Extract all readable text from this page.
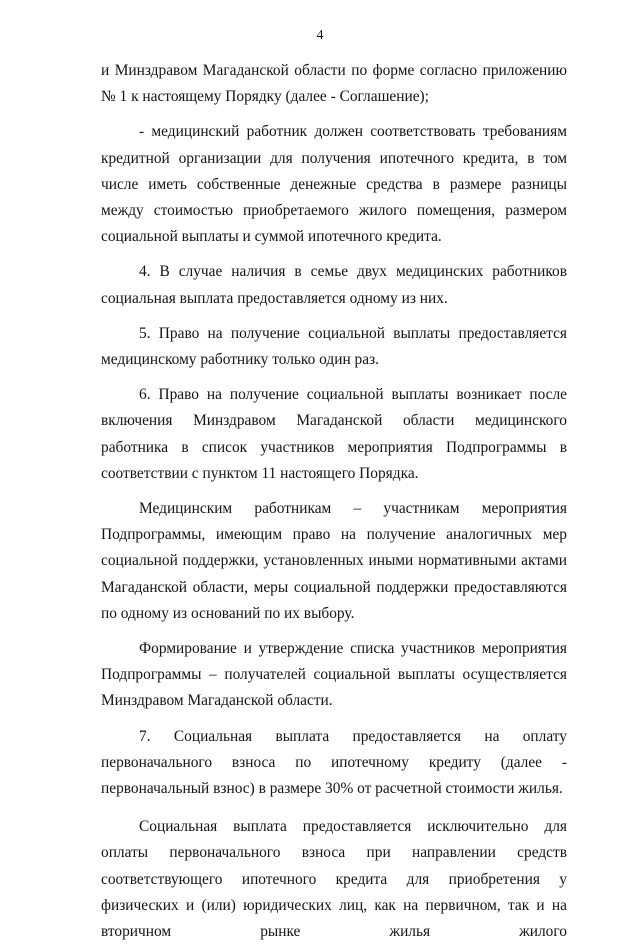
4

и Минздравом Магаданской области по форме согласно приложению № 1 к настоящему Порядку (далее - Соглашение);

- медицинский работник должен соответствовать требованиям кредитной организации для получения ипотечного кредита, в том числе иметь собственные денежные средства в размере разницы между стоимостью приобретаемого жилого помещения, размером социальной выплаты и суммой ипотечного кредита.

4. В случае наличия в семье двух медицинских работников социальная выплата предоставляется одному из них.

5. Право на получение социальной выплаты предоставляется медицинскому работнику только один раз.

6. Право на получение социальной выплаты возникает после включения Минздравом Магаданской области медицинского работника в список участников мероприятия Подпрограммы в соответствии с пунктом 11 настоящего Порядка.

Медицинским работникам – участникам мероприятия Подпрограммы, имеющим право на получение аналогичных мер социальной поддержки, установленных иными нормативными актами Магаданской области, меры социальной поддержки предоставляются по одному из оснований по их выбору.

Формирование и утверждение списка участников мероприятия Подпрограммы – получателей социальной выплаты осуществляется Минздравом Магаданской области.

7. Социальная выплата предоставляется на оплату первоначального взноса по ипотечному кредиту (далее - первоначальный взнос) в размере 30% от расчетной стоимости жилья.

Социальная выплата предоставляется исключительно для оплаты первоначального взноса при направлении средств соответствующего ипотечного кредита для приобретения у физических и (или) юридических лиц, как на первичном, так и на вторичном рынке жилья жилого
